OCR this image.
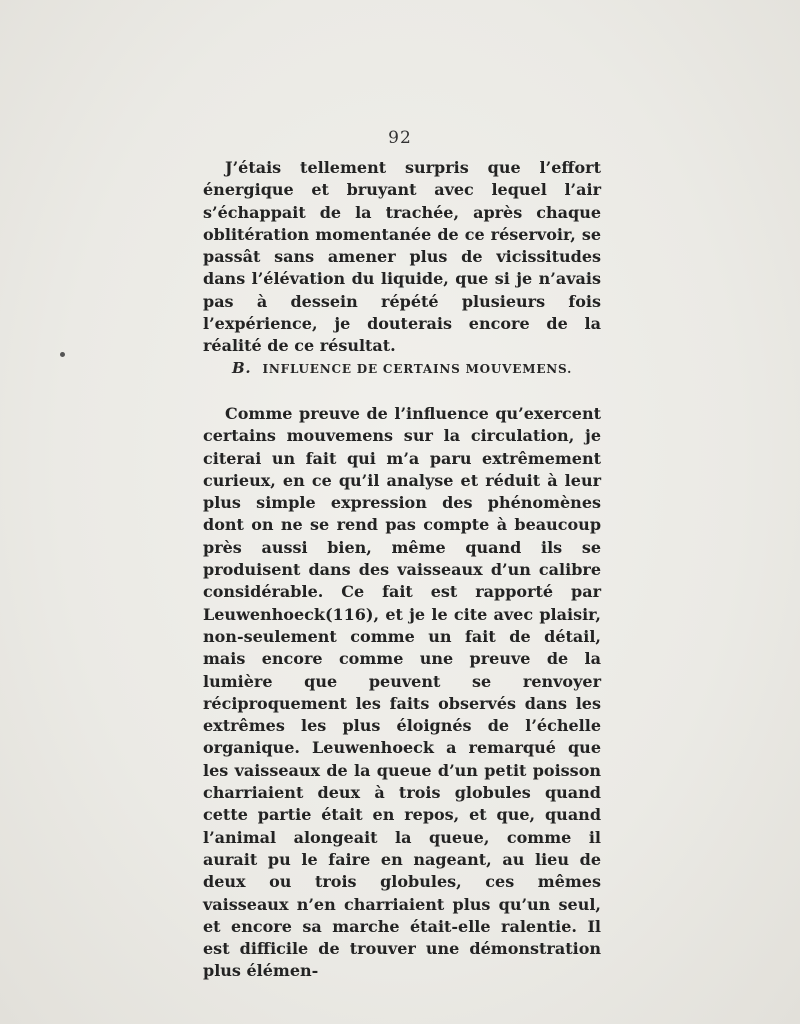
92

J’étais tellement surpris que l’effort énergique et bruyant avec lequel l’air s’échappait de la trachée, après chaque oblitération momentanée de ce réservoir, se passât sans amener plus de vicissitudes dans l’élévation du liquide, que si je n’avais pas à dessein répété plusieurs fois l’expérience, je douterais encore de la réalité de ce résultat.

B. INFLUENCE DE CERTAINS MOUVEMENS.

Comme preuve de l’influence qu’exercent certains mouvemens sur la circulation, je citerai un fait qui m’a paru extrêmement curieux, en ce qu’il analyse et réduit à leur plus simple expression des phénomènes dont on ne se rend pas compte à beaucoup près aussi bien, même quand ils se produisent dans des vaisseaux d’un calibre considérable. Ce fait est rapporté par Leuwenhoeck(116), et je le cite avec plaisir, non-seulement comme un fait de détail, mais encore comme une preuve de la lumière que peuvent se renvoyer réciproquement les faits observés dans les extrêmes les plus éloignés de l’échelle organique. Leuwenhoeck a remarqué que les vaisseaux de la queue d’un petit poisson charriaient deux à trois globules quand cette partie était en repos, et que, quand l’animal alongeait la queue, comme il aurait pu le faire en nageant, au lieu de deux ou trois globules, ces mêmes vaisseaux n’en charriaient plus qu’un seul, et encore sa marche était-elle ralentie. Il est difficile de trouver une démonstration plus élémen-
